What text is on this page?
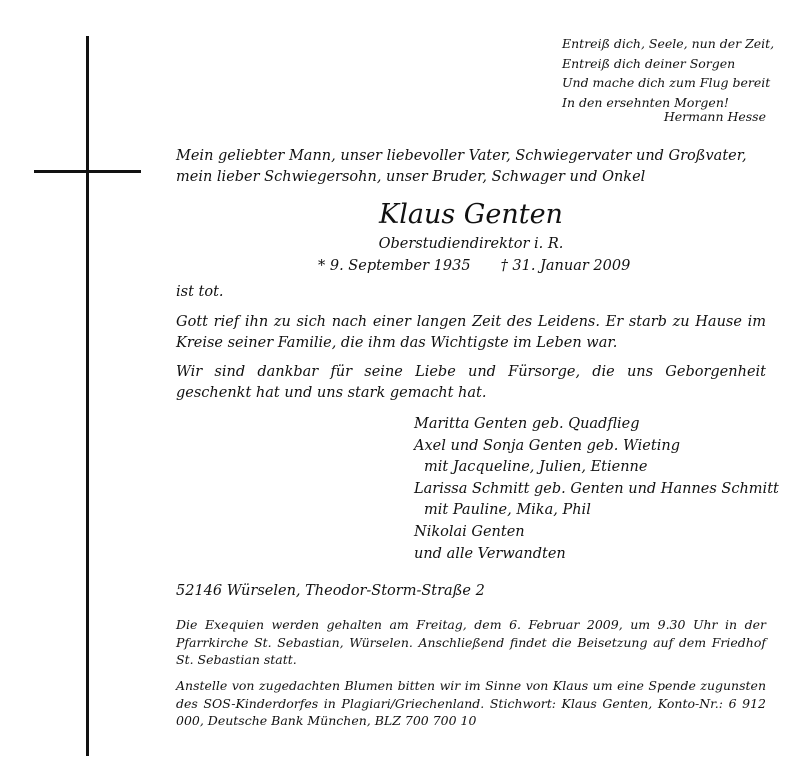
Entreiß dich, Seele, nun der Zeit,
Entreiß dich deiner Sorgen
Und mache dich zum Flug bereit
In den ersehnten Morgen!
Hermann Hesse
Mein geliebter Mann, unser liebevoller Vater, Schwiegervater und Großvater, mein lieber Schwiegersohn, unser Bruder, Schwager und Onkel
Klaus Genten
Oberstudiendirektor i. R.
* 9. September 1935 † 31. Januar 2009
ist tot.
Gott rief ihn zu sich nach einer langen Zeit des Leidens. Er starb zu Hause im Kreise seiner Familie, die ihm das Wichtigste im Leben war.
Wir sind dankbar für seine Liebe und Fürsorge, die uns Geborgenheit geschenkt hat und uns stark gemacht hat.
Maritta Genten geb. Quadflieg
Axel und Sonja Genten geb. Wieting
mit Jacqueline, Julien, Etienne
Larissa Schmitt geb. Genten und Hannes Schmitt
mit Pauline, Mika, Phil
Nikolai Genten
und alle Verwandten
52146 Würselen, Theodor-Storm-Straße 2
Die Exequien werden gehalten am Freitag, dem 6. Februar 2009, um 9.30 Uhr in der Pfarrkirche St. Sebastian, Würselen. Anschließend findet die Beisetzung auf dem Friedhof St. Sebastian statt.
Anstelle von zugedachten Blumen bitten wir im Sinne von Klaus um eine Spende zugunsten des SOS-Kinderdorfes in Plagiari/Griechenland. Stichwort: Klaus Genten, Konto-Nr.: 6 912 000, Deutsche Bank München, BLZ 700 700 10
